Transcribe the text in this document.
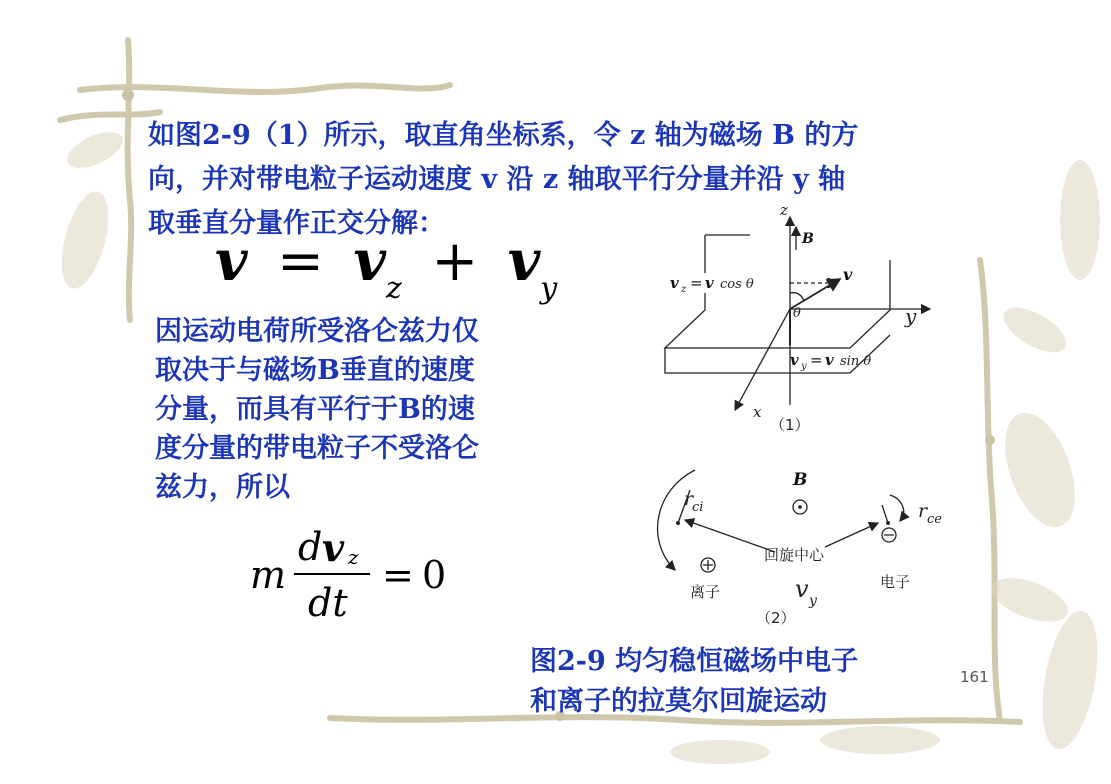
如图2-9（1）所示，取直角坐标系，令 z 轴为磁场 B 的方
向，并对带电粒子运动速度 v 沿 z 轴取平行分量并沿 y 轴
取垂直分量作正交分解：
$v = v_z + v_y$
因运动电荷所受洛仑兹力仅
取决于与磁场B垂直的速度
分量，而具有平行于B的速
度分量的带电粒子不受洛仑
兹力，所以
m
d v z
dt
= 0
z
B
v
y
x
θ
v z = v cos θ
v y = v sin θ
（1）
B
r
ci	r ce
回旋中心
离子
电子
v y
（2）
图2-9 均匀稳恒磁场中电子
和离子的拉莫尔回旋运动
161
